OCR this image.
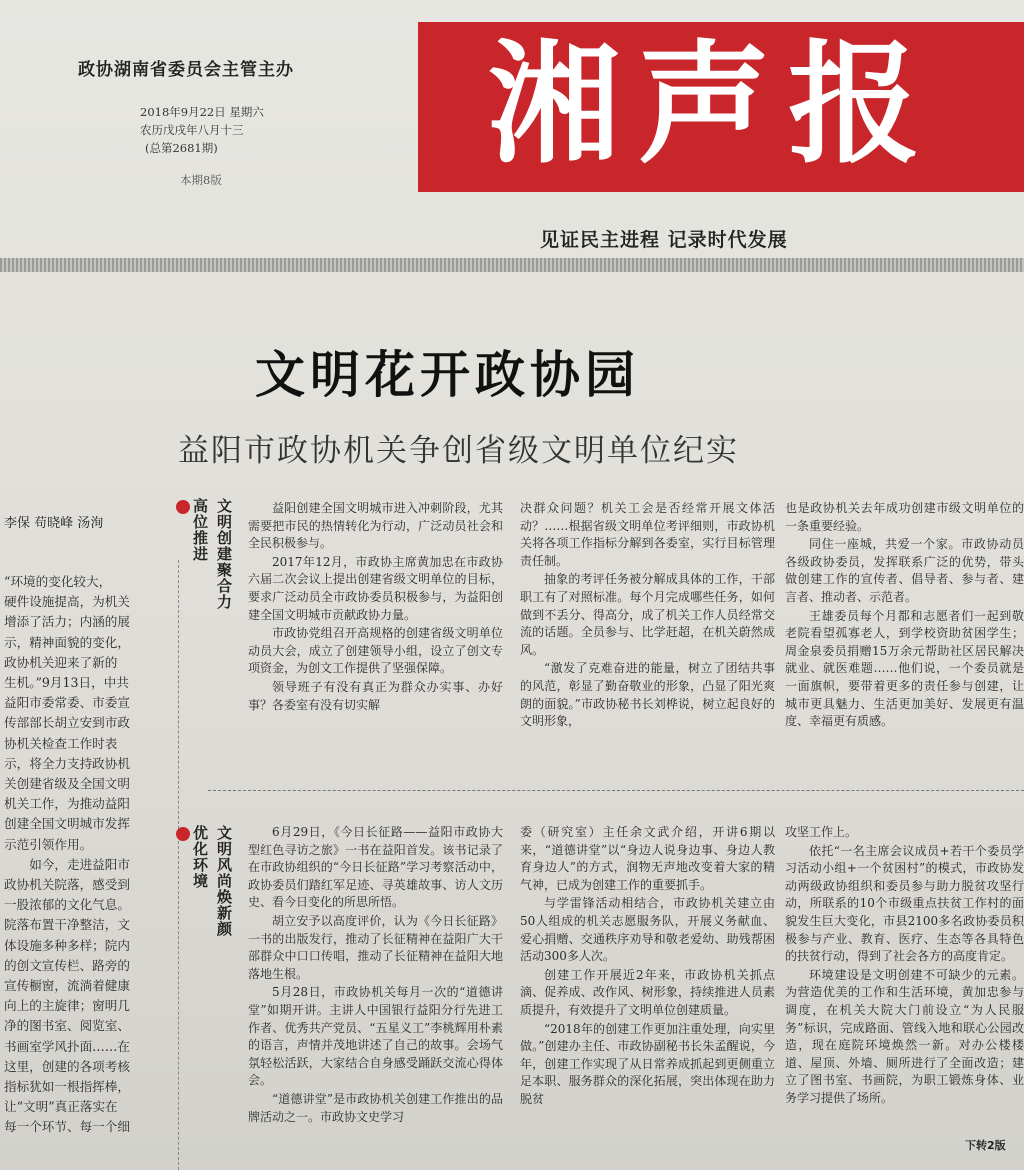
政协湖南省委员会主管主办
2018年9月22日 星期六
农历戊戌年八月十三
(总第2681期)
本期8版 湘声报
见证民主进程 记录时代发展
文明花开政协园
益阳市政协机关争创省级文明单位纪实
李保 苟晓峰 汤洵
“环境的变化较大，
硬件设施提高，为机关
增添了活力；内涵的展
示，精神面貌的变化，
政协机关迎来了新的
生机。”9月13日，中共
益阳市委常委、市委宣
传部部长胡立安到市政
协机关检查工作时表
示，将全力支持政协机
关创建省级及全国文明
机关工作，为推动益阳
创建全国文明城市发挥
示范引领作用。
　　如今，走进益阳市
政协机关院落，感受到
一股浓郁的文化气息。
院落布置干净整洁，文
体设施多种多样；院内
的创文宣传栏、路旁的
宣传橱窗，流淌着健康
向上的主旋律；窗明几
净的图书室、阅览室、
书画室学风扑面……在
这里，创建的各项考核
指标犹如一根指挥棒，
让“文明”真正落实在
每一个环节、每一个细
高位推进 文明创建聚合力	益阳创建全国文明城市进入冲刺阶段，尤其需要把市民的热情转化为行动，广泛动员社会和全民积极参与。

2017年12月，市政协主席黄加忠在市政协六届二次会议上提出创建省级文明单位的目标，要求广泛动员全市政协委员积极参与，为益阳创建全国文明城市贡献政协力量。

市政协党组召开高规格的创建省级文明单位动员大会，成立了创建领导小组，设立了创文专项资金，为创文工作提供了坚强保障。

领导班子有没有真正为群众办实事、办好事？各委室有没有切实解

决群众问题？机关工会是否经常开展文体活动？……根据省级文明单位考评细则，市政协机关将各项工作指标分解到各委室，实行目标管理责任制。

抽象的考评任务被分解成具体的工作，干部职工有了对照标准。每个月完成哪些任务，如何做到不丢分、得高分，成了机关工作人员经常交流的话题。全员参与、比学赶超，在机关蔚然成风。

“激发了克难奋进的能量，树立了团结共事的风范，彰显了勤奋敬业的形象，凸显了阳光爽朗的面貌。”市政协秘书长刘桦说，树立起良好的文明形象，

也是政协机关去年成功创建市级文明单位的一条重要经验。

同住一座城，共爱一个家。市政协动员各级政协委员，发挥联系广泛的优势，带头做创建工作的宣传者、倡导者、参与者、建言者、推动者、示范者。

王雄委员每个月都和志愿者们一起到敬老院看望孤寡老人，到学校资助贫困学生；周金泉委员捐赠15万余元帮助社区居民解决就业、就医难题……他们说，一个委员就是一面旗帜，要带着更多的责任参与创建，让城市更具魅力、生活更加美好、发展更有温度、幸福更有质感。

优化环境 文明风尚焕新颜	6月29日，《今日长征路——益阳市政协大型红色寻访之旅》一书在益阳首发。该书记录了在市政协组织的“今日长征路”学习考察活动中，政协委员们踏红军足迹、寻英雄故事、访人文历史、看今日变化的所思所悟。

胡立安予以高度评价，认为《今日长征路》一书的出版发行，推动了长征精神在益阳广大干部群众中口口传唱，推动了长征精神在益阳大地落地生根。

5月28日，市政协机关每月一次的“道德讲堂”如期开讲。主讲人中国银行益阳分行先进工作者、优秀共产党员、“五星义工”李桃辉用朴素的语言，声情并茂地讲述了自己的故事。会场气氛轻松活跃，大家结合自身感受踊跃交流心得体会。

“道德讲堂”是市政协机关创建工作推出的品牌活动之一。市政协文史学习

委（研究室）主任余文武介绍，开讲6期以来，“道德讲堂”以“身边人说身边事、身边人教育身边人”的方式，润物无声地改变着大家的精气神，已成为创建工作的重要抓手。

与学雷锋活动相结合，市政协机关建立由50人组成的机关志愿服务队，开展义务献血、爱心捐赠、交通秩序劝导和敬老爱幼、助残帮困活动300多人次。

创建工作开展近2年来，市政协机关抓点滴、促养成、改作风、树形象，持续推进人员素质提升，有效提升了文明单位创建质量。

“2018年的创建工作更加注重处理，向实里做。”创建办主任、市政协副秘书长朱孟醒说，今年，创建工作实现了从日常养成抓起到更侧重立足本职、服务群众的深化拓展，突出体现在助力脱贫

攻坚工作上。

依托“一名主席会议成员+若干个委员学习活动小组+一个贫困村”的模式，市政协发动两级政协组织和委员参与助力脱贫攻坚行动，所联系的10个市级重点扶贫工作村的面貌发生巨大变化，市县2100多名政协委员积极参与产业、教育、医疗、生态等各具特色的扶贫行动，得到了社会各方的高度肯定。

环境建设是文明创建不可缺少的元素。为营造优美的工作和生活环境，黄加忠参与调度，在机关大院大门前设立“为人民服务”标识，完成路面、管线入地和联心公园改造，现在庭院环境焕然一新。对办公楼楼道、屋顶、外墙、厕所进行了全面改造；建立了图书室、书画院，为职工锻炼身体、业务学习提供了场所。

下转2版
